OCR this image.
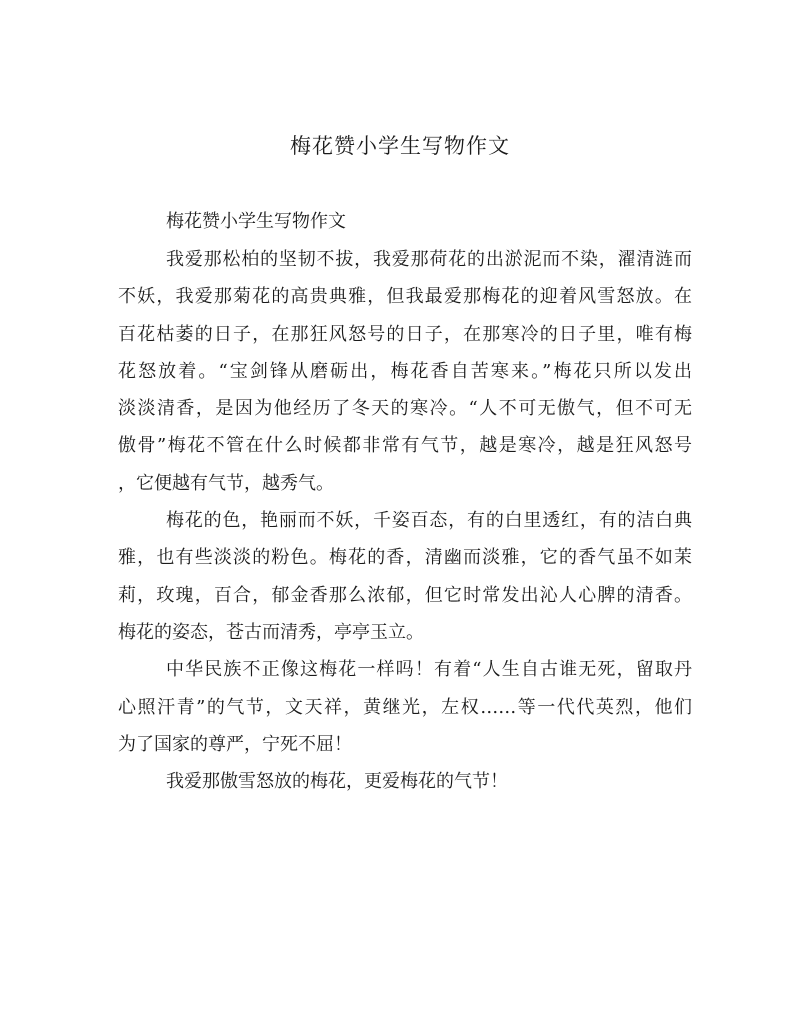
梅花赞小学生写物作文
梅花赞小学生写物作文
我爱那松柏的坚韧不拔，我爱那荷花的出淤泥而不染，濯清涟而
不妖，我爱那菊花的高贵典雅，但我最爱那梅花的迎着风雪怒放。在
百花枯萎的日子，在那狂风怒号的日子，在那寒冷的日子里，唯有梅
花怒放着。“宝剑锋从磨砺出，梅花香自苦寒来。”梅花只所以发出
淡淡清香，是因为他经历了冬天的寒冷。“人不可无傲气，但不可无
傲骨”梅花不管在什么时候都非常有气节，越是寒冷，越是狂风怒号
，它便越有气节，越秀气。
梅花的色，艳丽而不妖，千姿百态，有的白里透红，有的洁白典
雅，也有些淡淡的粉色。梅花的香，清幽而淡雅，它的香气虽不如茉
莉，玫瑰，百合，郁金香那么浓郁，但它时常发出沁人心脾的清香。
梅花的姿态，苍古而清秀，亭亭玉立。
中华民族不正像这梅花一样吗！有着“人生自古谁无死，留取丹
心照汗青”的气节，文天祥，黄继光，左权……等一代代英烈，他们
为了国家的尊严，宁死不屈！
我爱那傲雪怒放的梅花，更爱梅花的气节！
